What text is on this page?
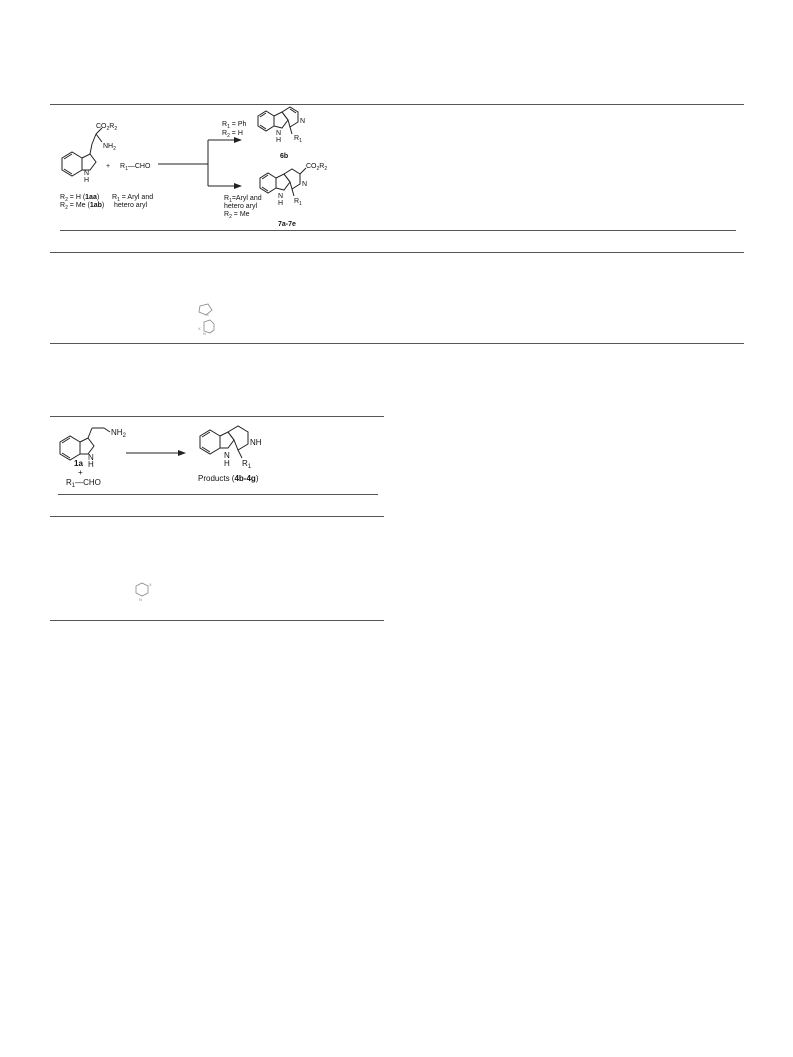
$CO_2R_2$
$NH_2$
N
H
+ $R_1—CHO$
$R_2 = H$ (1aa)
$R_2 = Me$ (1ab)
$R_1$ = Aryl and
hetero aryl
$R_1 = Ph$
$R_2 = H$
$R_1=Aryl$ and
hetero aryl
$R_2 = Me$
N
N
H $R_1$
6b
$CO_2R_2$
N
N
H $R_1$
7a-7e
S
X
N
$NH_2$
N
H
1a
+
$R_1—CHO$
NH
N
H $R_1$
Products (4b-4g)
X
N
